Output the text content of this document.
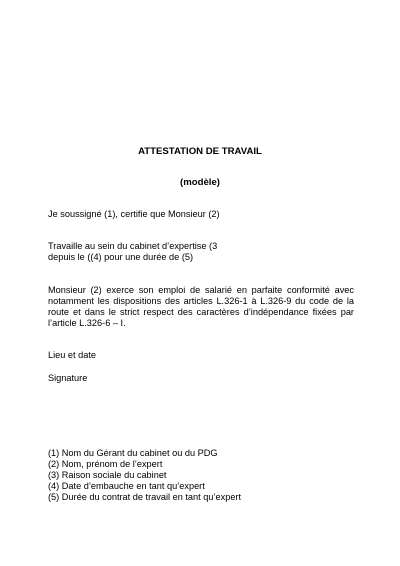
ATTESTATION DE TRAVAIL
(modèle)
Je soussigné (1), certifie que Monsieur (2)
Travaille au sein du cabinet d’expertise (3
depuis le ((4) pour une durée de (5)
Monsieur (2) exerce son emploi de salarié en parfaite conformité avec notamment les dispositions des articles L.326-1 à L.326-9 du code de la route et dans le strict respect des caractères d’indépendance fixées par l’article L.326-6 – I.
Lieu et date
Signature
(1) Nom du Gérant du cabinet ou du PDG
(2) Nom, prénom de l’expert
(3) Raison sociale du cabinet
(4) Date d’embauche en tant qu’expert
(5) Durée du contrat de travail en tant qu’expert
